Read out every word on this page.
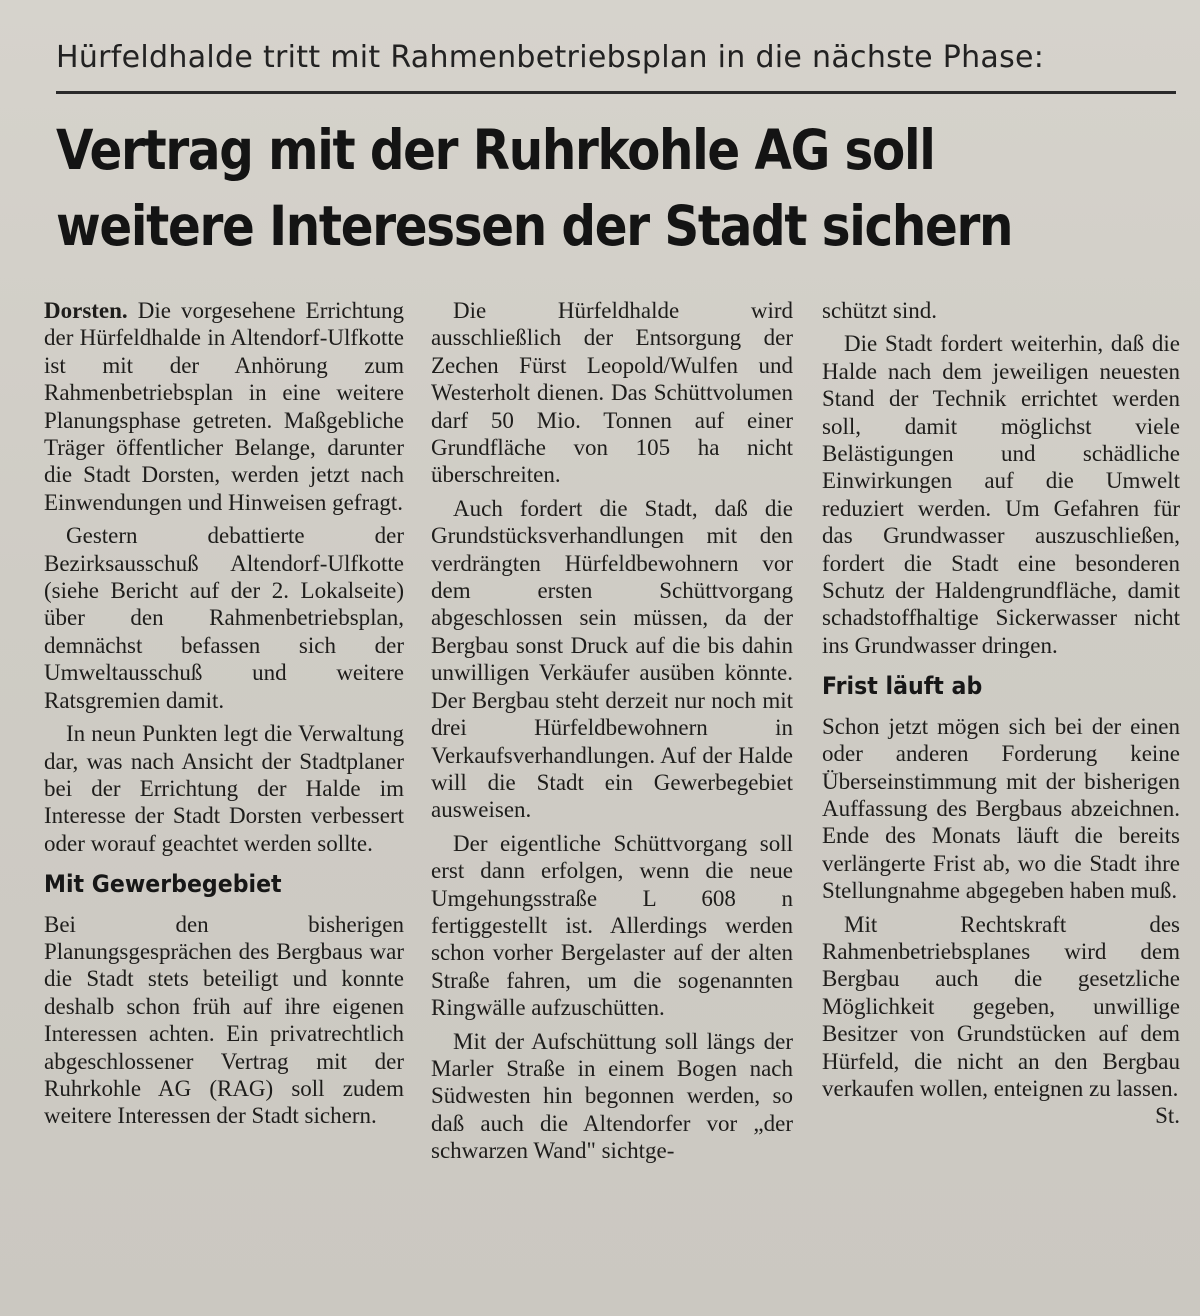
Hürfeldhalde tritt mit Rahmenbetriebsplan in die nächste Phase:
Vertrag mit der Ruhrkohle AG soll
weitere Interessen der Stadt sichern

Dorsten. Die vorgesehene Errichtung der Hürfeldhalde in Altendorf-Ulfkotte ist mit der Anhörung zum Rahmenbetriebsplan in eine weitere Planungsphase getreten. Maßgebliche Träger öffentlicher Belange, darunter die Stadt Dorsten, werden jetzt nach Einwendungen und Hinweisen gefragt.

Gestern debattierte der Bezirksausschuß Altendorf-Ulfkotte (siehe Bericht auf der 2. Lokalseite) über den Rahmenbetriebsplan, demnächst befassen sich der Umweltausschuß und weitere Ratsgremien damit.

In neun Punkten legt die Verwaltung dar, was nach Ansicht der Stadtplaner bei der Errichtung der Halde im Interesse der Stadt Dorsten verbessert oder worauf geachtet werden sollte.

Mit Gewerbegebiet

Bei den bisherigen Planungsgesprächen des Bergbaus war die Stadt stets beteiligt und konnte deshalb schon früh auf ihre eigenen Interessen achten. Ein privatrechtlich abgeschlossener Vertrag mit der Ruhrkohle AG (RAG) soll zudem weitere Interessen der Stadt sichern.

Die Hürfeldhalde wird ausschließlich der Entsorgung der Zechen Fürst Leopold/Wulfen und Westerholt dienen. Das Schüttvolumen darf 50 Mio. Tonnen auf einer Grundfläche von 105 ha nicht überschreiten.

Auch fordert die Stadt, daß die Grundstücksverhandlungen mit den verdrängten Hürfeldbewohnern vor dem ersten Schüttvorgang abgeschlossen sein müssen, da der Bergbau sonst Druck auf die bis dahin unwilligen Verkäufer ausüben könnte. Der Bergbau steht derzeit nur noch mit drei Hürfeldbewohnern in Verkaufsverhandlungen. Auf der Halde will die Stadt ein Gewerbegebiet ausweisen.

Der eigentliche Schüttvorgang soll erst dann erfolgen, wenn die neue Umgehungsstraße L 608 n fertiggestellt ist. Allerdings werden schon vorher Bergelaster auf der alten Straße fahren, um die sogenannten Ringwälle aufzuschütten.

Mit der Aufschüttung soll längs der Marler Straße in einem Bogen nach Südwesten hin begonnen werden, so daß auch die Altendorfer vor „der schwarzen Wand" sichtge-

schützt sind.

Die Stadt fordert weiterhin, daß die Halde nach dem jeweiligen neuesten Stand der Technik errichtet werden soll, damit möglichst viele Belästigungen und schädliche Einwirkungen auf die Umwelt reduziert werden. Um Gefahren für das Grundwasser auszuschließen, fordert die Stadt eine besonderen Schutz der Haldengrundfläche, damit schadstoffhaltige Sickerwasser nicht ins Grundwasser dringen.

Frist läuft ab

Schon jetzt mögen sich bei der einen oder anderen Forderung keine Überseinstimmung mit der bisherigen Auffassung des Bergbaus abzeichnen. Ende des Monats läuft die bereits verlängerte Frist ab, wo die Stadt ihre Stellungnahme abgegeben haben muß.

Mit Rechtskraft des Rahmenbetriebsplanes wird dem Bergbau auch die gesetzliche Möglichkeit gegeben, unwillige Besitzer von Grundstücken auf dem Hürfeld, die nicht an den Bergbau verkaufen wollen, enteignen zu lassen.
St.
